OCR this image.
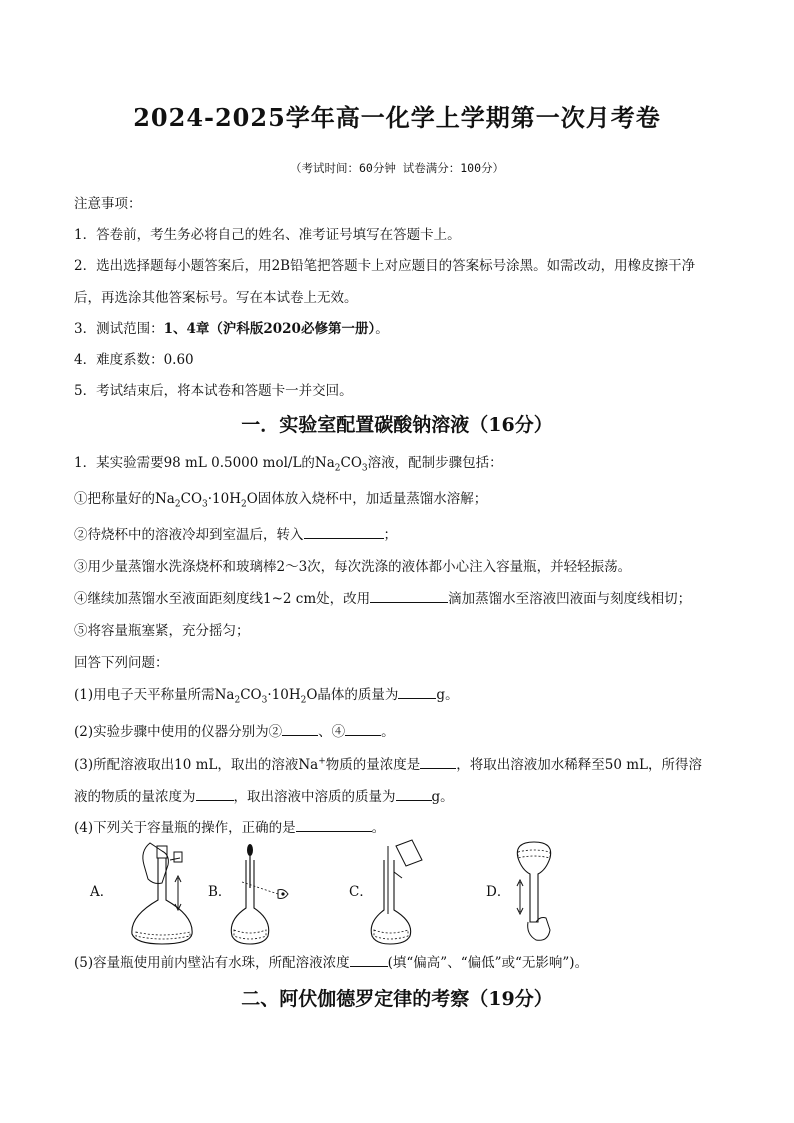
2024-2025学年高一化学上学期第一次月考卷
（考试时间：60分钟 试卷满分：100分）
注意事项：
1．答卷前，考生务必将自己的姓名、准考证号填写在答题卡上。
2．选出选择题每小题答案后，用2B铅笔把答题卡上对应题目的答案标号涂黑。如需改动，用橡皮擦干净
后，再选涂其他答案标号。写在本试卷上无效。
3．测试范围：1、4章（沪科版2020必修第一册）。
4．难度系数：0.60
5．考试结束后，将本试卷和答题卡一并交回。
一．实验室配置碳酸钠溶液（16分）
1．某实验需要98 mL 0.5000 mol/L的$Na_2CO_3$溶液，配制步骤包括：
①把称量好的$Na_2CO_3\cdot 10H_2O$固体放入烧杯中，加适量蒸馏水溶解；
②待烧杯中的溶液冷却到室温后，转入	；
③用少量蒸馏水洗涤烧杯和玻璃棒2～3次，每次洗涤的液体都小心注入容量瓶，并轻轻振荡。
④继续加蒸馏水至液面距刻度线1~2 cm处，改用	滴加蒸馏水至溶液凹液面与刻度线相切；
⑤将容量瓶塞紧，充分摇匀；
回答下列问题：
(1)用电子天平称量所需$Na_2CO_3\cdot 10H_2O$晶体的质量为	g。
(2)实验步骤中使用的仪器分别为②	、④	。
(3)所配溶液取出10 mL，取出的溶液Na+物质的量浓度是	，将取出溶液加水稀释至50 mL，所得溶
液的物质的量浓度为	，取出溶液中溶质的质量为	g。
(4)下列关于容量瓶的操作，正确的是	。
A．	B．	C．	D．
(5)容量瓶使用前内壁沾有水珠，所配溶液浓度	(填“偏高”、“偏低”或“无影响”)。
二、阿伏伽德罗定律的考察（19分）
